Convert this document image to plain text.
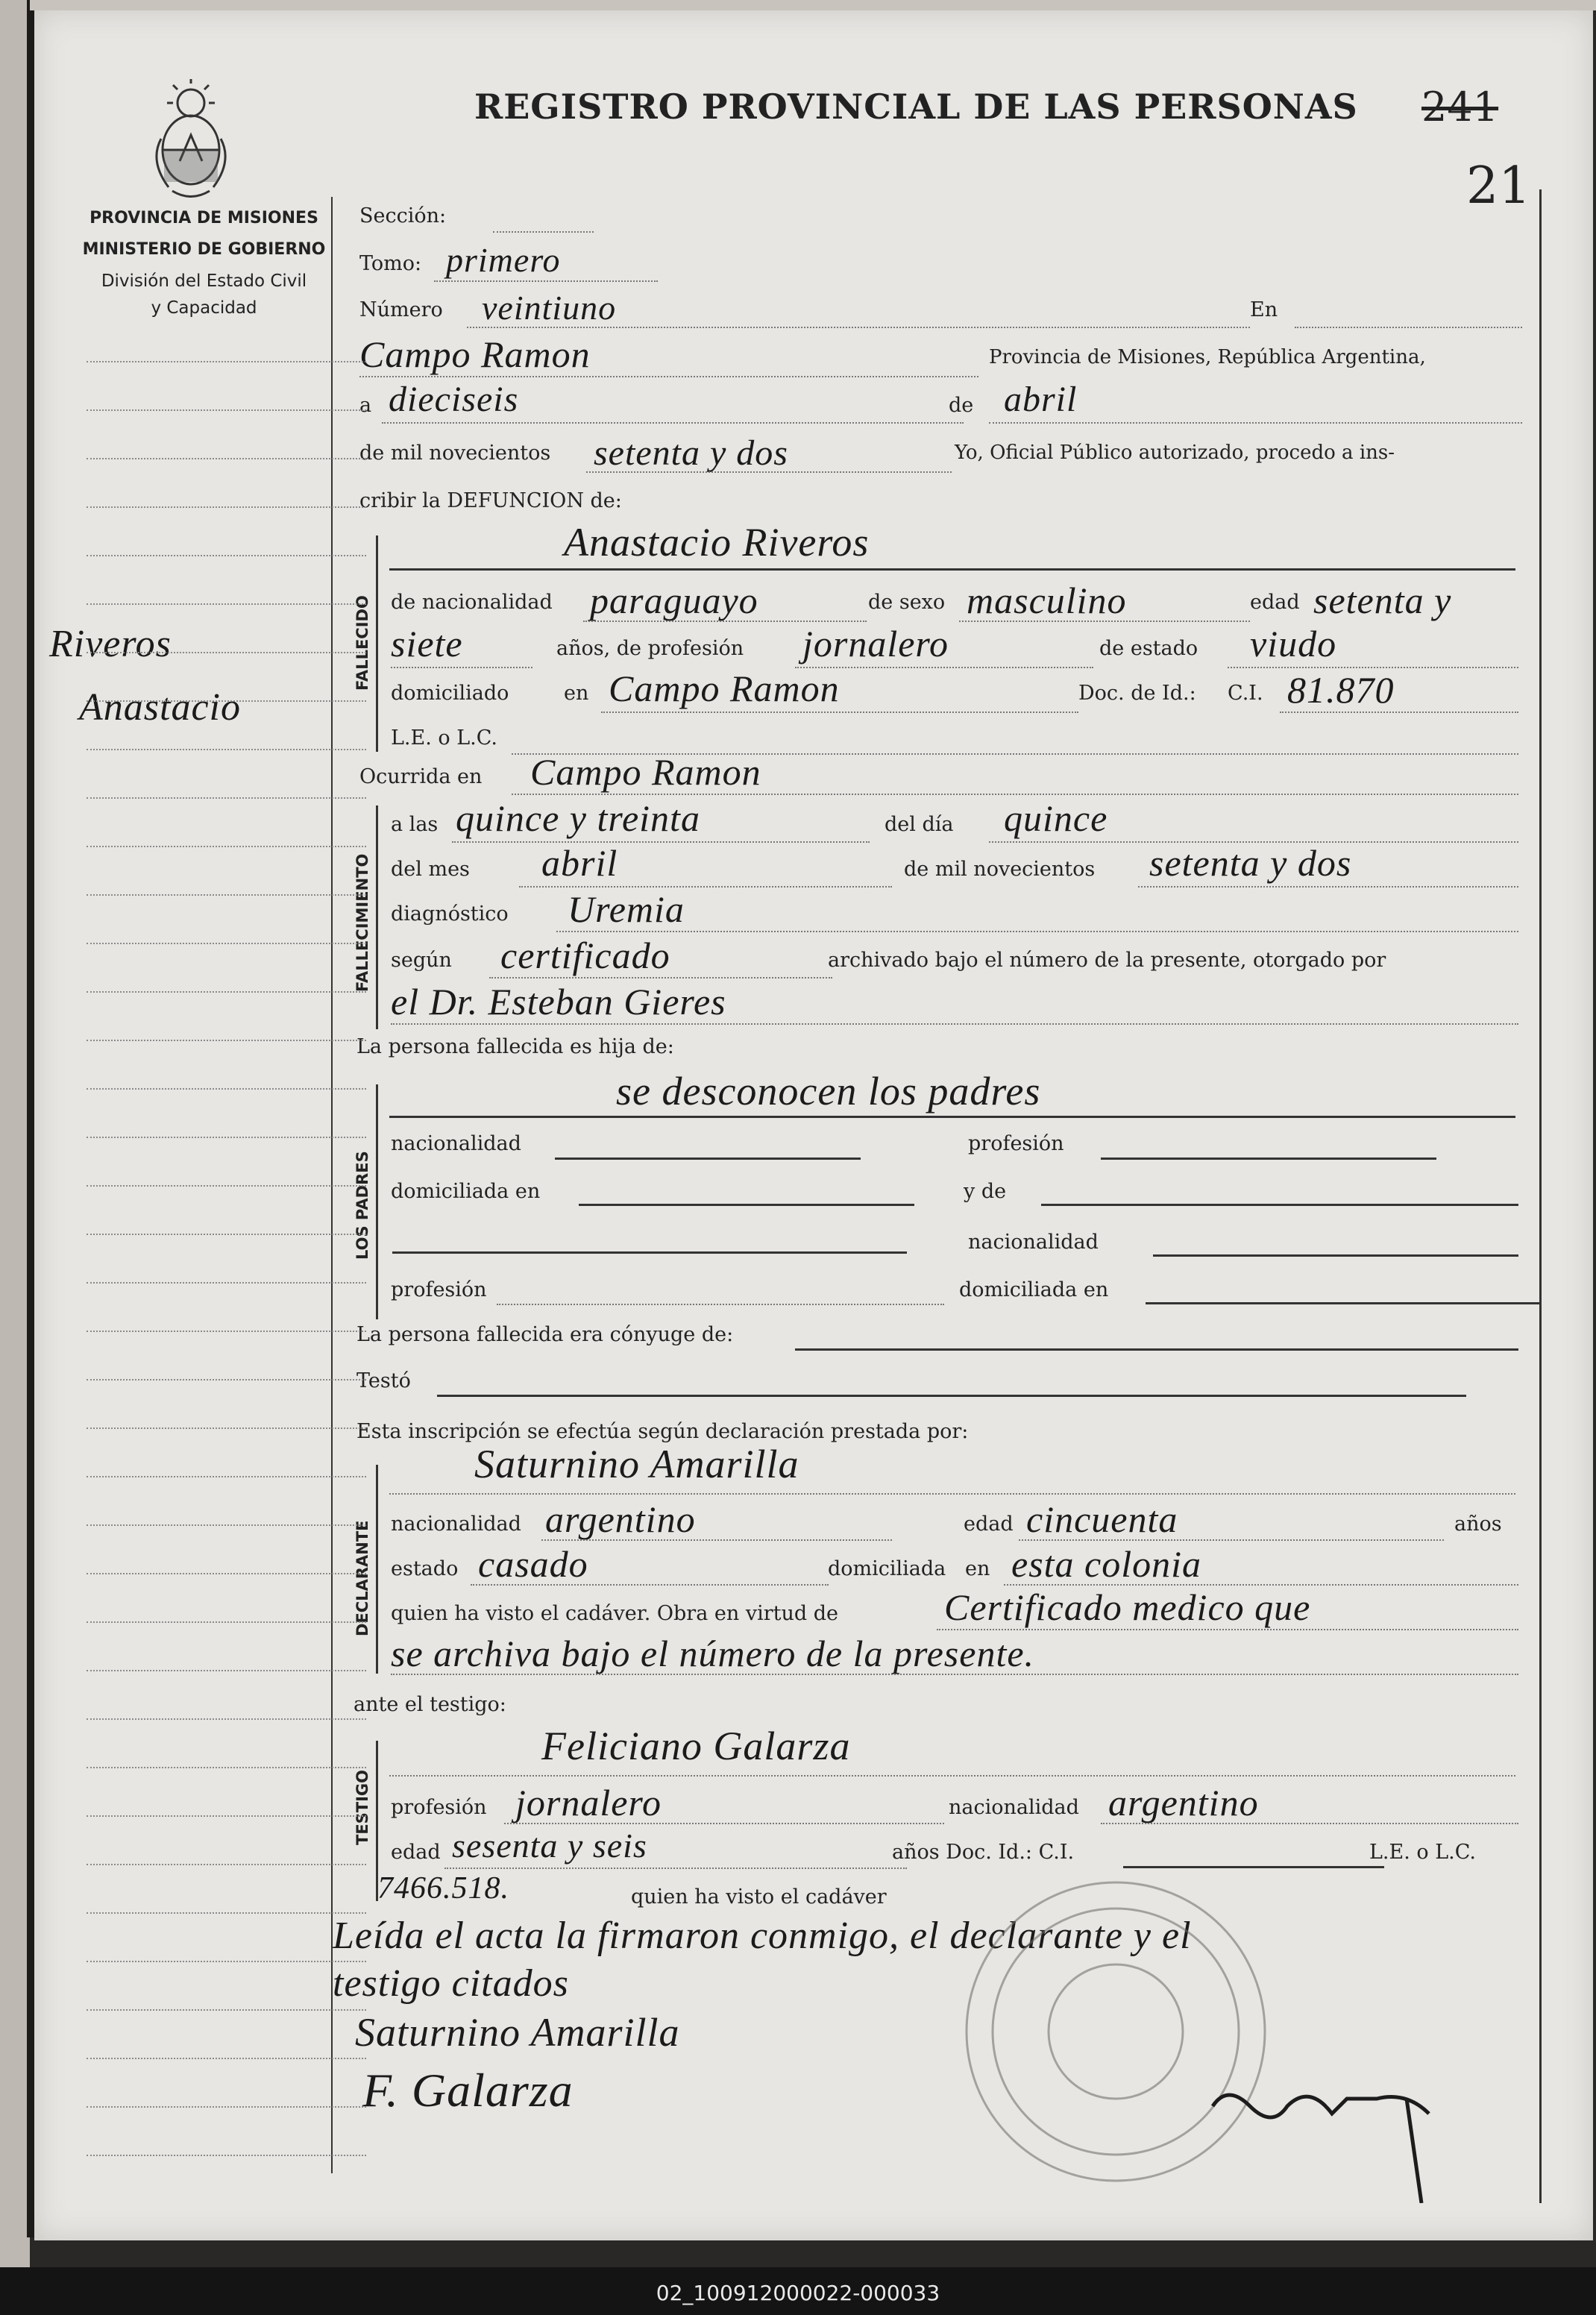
PROVINCIA DE MISIONES
MINISTERIO DE GOBIERNO
División del Estado Civil
y Capacidad
REGISTRO PROVINCIAL DE LAS PERSONAS 241
21
Riveros
Anastacio
Sección:
Tomo: primero
Número veintiuno	En
Campo Ramon	Provincia de Misiones, República Argentina,
a dieciseis	de abril
de mil novecientos setenta y dos	Yo, Oficial Público autorizado, procedo a ins-
cribir la DEFUNCION de:
FALLECIDO
Anastacio Riveros
de nacionalidad paraguayo	de sexo masculino	edad setenta y
siete	años, de profesión jornalero	de estado viudo
domiciliado	en Campo Ramon	Doc. de Id.: C.I. 81.870
L.E. o L.C.
Ocurrida en Campo Ramon
FALLECIMIENTO
a las quince y treinta	del día quince
del mes abril	de mil novecientos setenta y dos
diagnóstico Uremia
según certificado	archivado bajo el número de la presente, otorgado por
el Dr. Esteban Gieres
La persona fallecida es hija de:
LOS PADRES
se desconocen los padres
nacionalidad	profesión
domiciliada en	y de
nacionalidad
profesión	domiciliada en
La persona fallecida era cónyuge de:
Testó
Esta inscripción se efectúa según declaración prestada por:
DECLARANTE
Saturnino Amarilla
nacionalidad argentino	edad cincuenta	años
estado casado	domiciliada en esta colonia
quien ha visto el cadáver. Obra en virtud de	Certificado medico que
se archiva bajo el número de la presente.
ante el testigo:
TESTIGO
Feliciano Galarza
profesión jornalero	nacionalidad argentino
edad sesenta y seis	años Doc. Id.: C.I.	L.E. o L.C.
7466.518.	quien ha visto el cadáver
Leída el acta la firmaron conmigo, el declarante y el
testigo citados
Saturnino Amarilla
F. Galarza
02_100912000022-000033
